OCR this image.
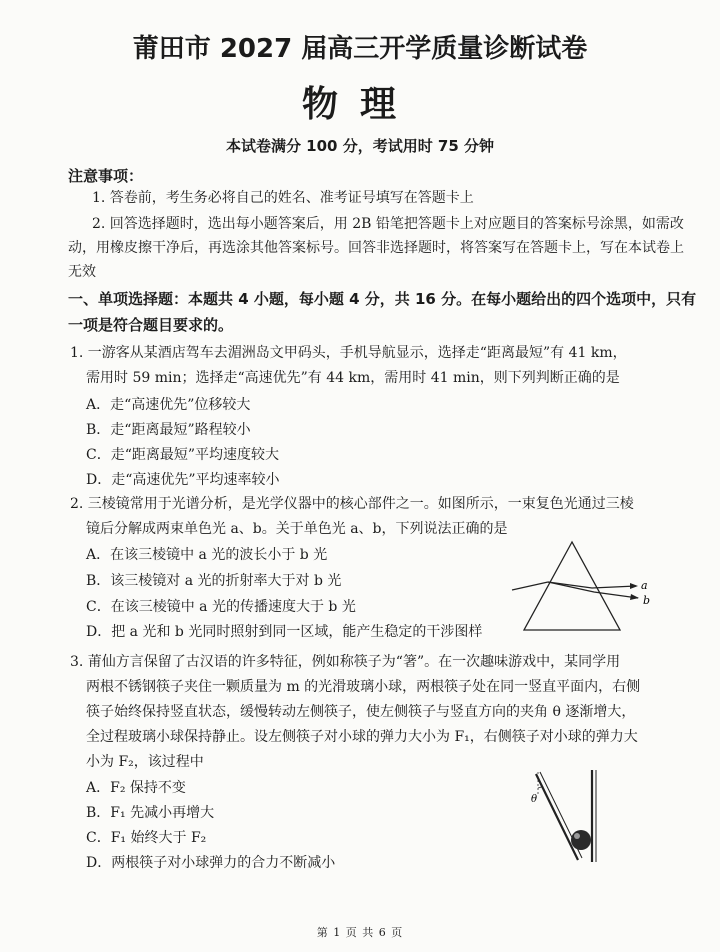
莆田市 2027 届高三开学质量诊断试卷
物理
本试卷满分 100 分，考试用时 75 分钟
注意事项：
1. 答卷前，考生务必将自己的姓名、准考证号填写在答题卡上
2. 回答选择题时，选出每小题答案后，用 2B 铅笔把答题卡上对应题目的答案标号涂黑，如需改
动，用橡皮擦干净后，再选涂其他答案标号。回答非选择题时，将答案写在答题卡上，写在本试卷上
无效
一、单项选择题：本题共 4 小题，每小题 4 分，共 16 分。在每小题给出的四个选项中，只有
一项是符合题目要求的。
1. 一游客从某酒店驾车去湄洲岛文甲码头，手机导航显示，选择走“距离最短”有 41 km，
需用时 59 min；选择走“高速优先”有 44 km，需用时 41 min，则下列判断正确的是
A．走“高速优先”位移较大
B．走“距离最短”路程较小
C．走“距离最短”平均速度较大
D．走“高速优先”平均速率较小
2. 三棱镜常用于光谱分析，是光学仪器中的核心部件之一。如图所示，一束复色光通过三棱
镜后分解成两束单色光 a、b。关于单色光 a、b，下列说法正确的是
A．在该三棱镜中 a 光的波长小于 b 光
B．该三棱镜对 a 光的折射率大于对 b 光
C．在该三棱镜中 a 光的传播速度大于 b 光
D．把 a 光和 b 光同时照射到同一区域，能产生稳定的干涉图样
a
b
3. 莆仙方言保留了古汉语的许多特征，例如称筷子为“箸”。在一次趣味游戏中，某同学用
两根不锈钢筷子夹住一颗质量为 m 的光滑玻璃小球，两根筷子处在同一竖直平面内，右侧
筷子始终保持竖直状态，缓慢转动左侧筷子，使左侧筷子与竖直方向的夹角 θ 逐渐增大，
全过程玻璃小球保持静止。设左侧筷子对小球的弹力大小为 F₁，右侧筷子对小球的弹力大
小为 F₂，该过程中
A．F₂ 保持不变
B．F₁ 先减小再增大
C．F₁ 始终大于 F₂
D．两根筷子对小球弹力的合力不断减小
θ
第 1 页 共 6 页
